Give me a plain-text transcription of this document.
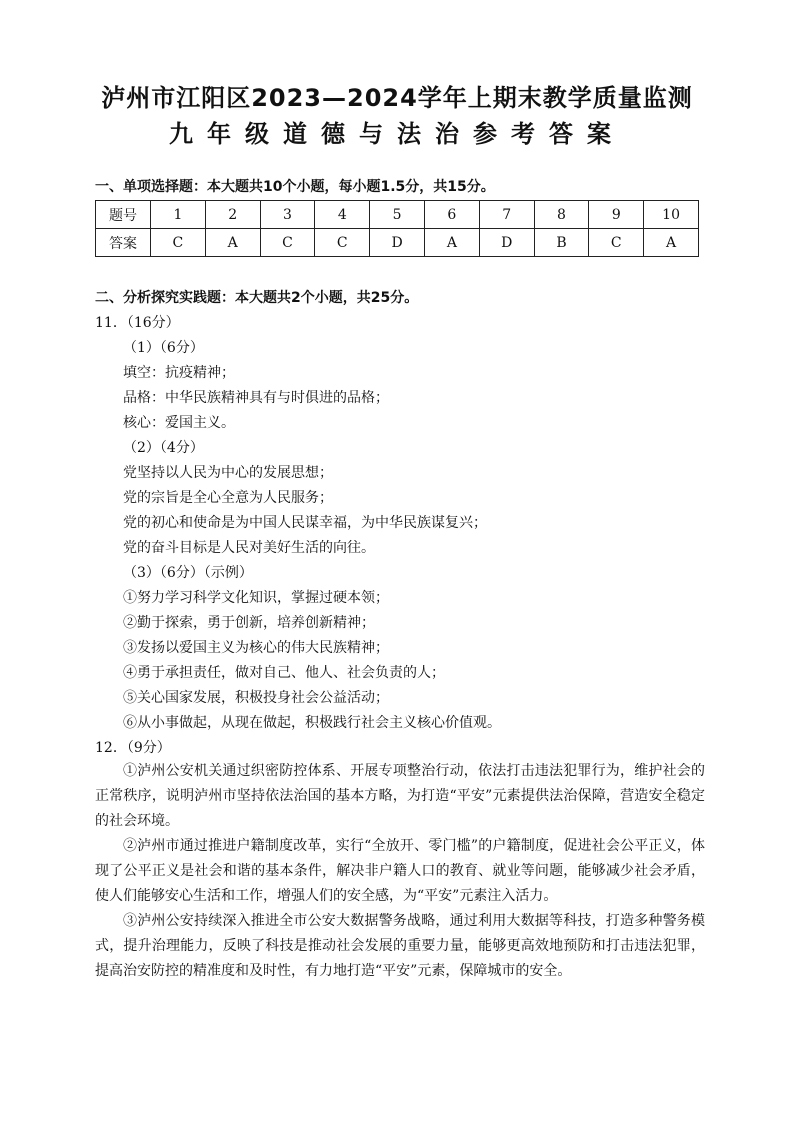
泸州市江阳区2023—2024学年上期末教学质量监测
九年级道德与法治参考答案
一、单项选择题：本大题共10个小题，每小题1.5分，共15分。
题号	1	2	3	4	5	6	7	8	9	10
答案	C	A	C	C	D	A	D	B	C	A
二、分析探究实践题：本大题共2个小题，共25分。
11．（16分）
（1）（6分）
填空：抗疫精神；
品格：中华民族精神具有与时俱进的品格；
核心：爱国主义。
（2）（4分）
党坚持以人民为中心的发展思想；
党的宗旨是全心全意为人民服务；
党的初心和使命是为中国人民谋幸福，为中华民族谋复兴；
党的奋斗目标是人民对美好生活的向往。
（3）（6分）（示例）
①努力学习科学文化知识，掌握过硬本领；
②勤于探索，勇于创新，培养创新精神；
③发扬以爱国主义为核心的伟大民族精神；
④勇于承担责任，做对自己、他人、社会负责的人；
⑤关心国家发展，积极投身社会公益活动；
⑥从小事做起，从现在做起，积极践行社会主义核心价值观。
12．（9分）
①泸州公安机关通过织密防控体系、开展专项整治行动，依法打击违法犯罪行为，维护社会的正常秩序，说明泸州市坚持依法治国的基本方略，为打造“平安”元素提供法治保障，营造安全稳定的社会环境。
②泸州市通过推进户籍制度改革，实行“全放开、零门槛”的户籍制度，促进社会公平正义，体现了公平正义是社会和谐的基本条件，解决非户籍人口的教育、就业等问题，能够减少社会矛盾，使人们能够安心生活和工作，增强人们的安全感，为“平安”元素注入活力。
③泸州公安持续深入推进全市公安大数据警务战略，通过利用大数据等科技，打造多种警务模式，提升治理能力，反映了科技是推动社会发展的重要力量，能够更高效地预防和打击违法犯罪，提高治安防控的精准度和及时性，有力地打造“平安”元素，保障城市的安全。
